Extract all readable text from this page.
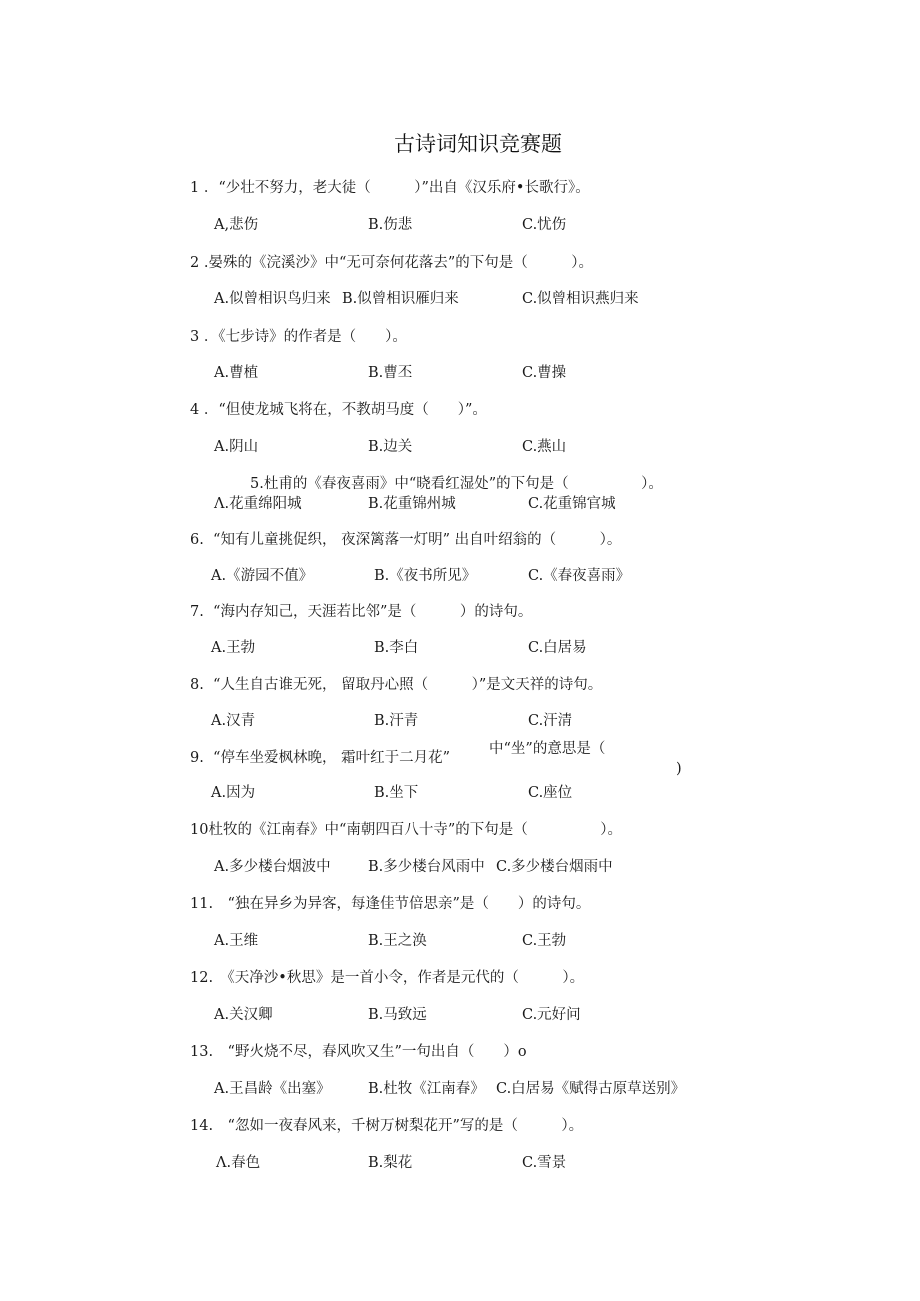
古诗词知识竞赛题
1 ．“少壮不努力，老大徒（　　　）”出自《汉乐府•长歌行》。
A,悲伤	B.伤悲	C.忧伤
2 .晏殊的《浣溪沙》中“无可奈何花落去”的下句是（　　　）。
A.似曾相识鸟归来 B.似曾相识雁归来	C.似曾相识燕归来
3 ．《七步诗》的作者是（　　）。
A.曹植	B.曹丕	C.曹操
4 ．“但使龙城飞将在，不教胡马度（　　）”。
A.阴山	B.边关	C.燕山
5.杜甫的《春夜喜雨》中“晓看红湿处”的下句是（　　　　　）。
Λ.花重绵阳城	B.花重锦州城	C.花重锦官城
6.  “知有儿童挑促织， 夜深篱落一灯明” 出自叶绍翁的（　　　）。
A.《游园不值》	B.《夜书所见》	C.《春夜喜雨》
7.  “海内存知己，天涯若比邻”是（　　　）的诗句。
A.王勃	B.李白	C.白居易
8.  “人生自古谁无死， 留取丹心照（　　　）”是文天祥的诗句。
A.汉青	B.汗青	C.汗清
9.  “停车坐爱枫林晚， 霜叶红于二月花”
中“坐”的意思是（
)
A.因为	B.坐下	C.座位
10杜牧的《江南春》中“南朝四百八十寺”的下句是（　　　　　）。
A.多少楼台烟波中	B.多少楼台风雨中 C.多少楼台烟雨中
11.　“独在异乡为异客，每逢佳节倍思亲”是（　　）的诗句。
A.王维	B.王之涣	C.王勃
12.　《天净沙•秋思》是一首小令，作者是元代的（　　　）。
A.关汉卿	B.马致远	C.元好问
13.　“野火烧不尽，春风吹又生”一句出自（　　）o
A.王昌龄《出塞》	B.杜牧《江南春》 C.白居易《赋得古原草送别》
14.　“忽如一夜春风来，千树万树梨花开”写的是（　　　）。
Λ.春色	B.梨花	C.雪景
